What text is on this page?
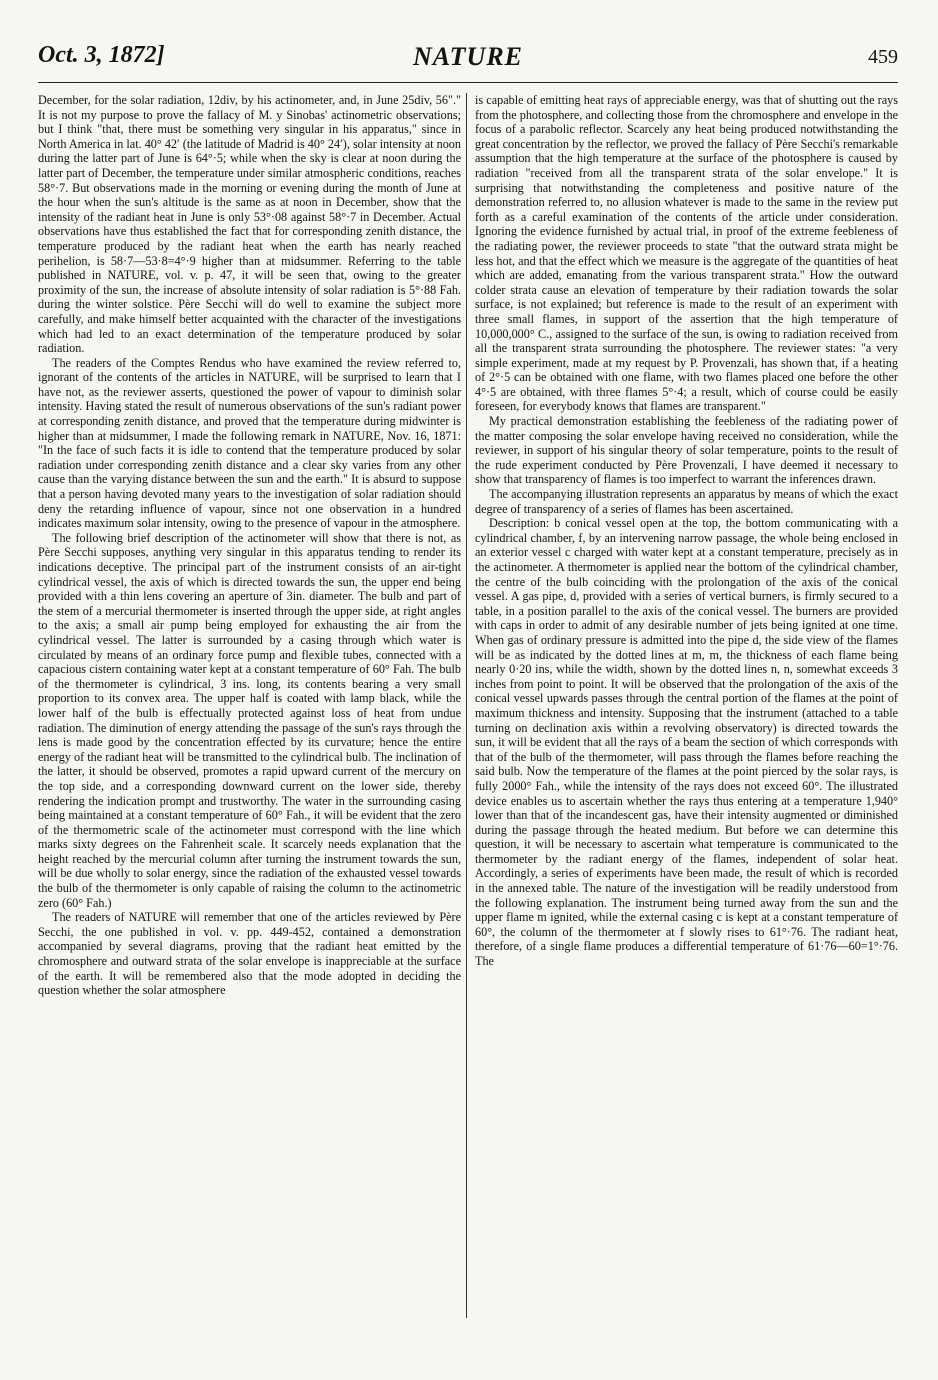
Oct. 3, 1872]	NATURE	459

December, for the solar radiation, 12div, by his actinometer, and, in June 25div, 56"." It is not my purpose to prove the fallacy of M. y Sinobas' actinometric observations; but I think "that, there must be something very singular in his apparatus," since in North America in lat. 40° 42′ (the latitude of Madrid is 40° 24′), solar intensity at noon during the latter part of June is 64°·5; while when the sky is clear at noon during the latter part of December, the temperature under similar atmospheric conditions, reaches 58°·7. But observations made in the morning or evening during the month of June at the hour when the sun's altitude is the same as at noon in December, show that the intensity of the radiant heat in June is only 53°·08 against 58°·7 in December. Actual observations have thus established the fact that for corresponding zenith distance, the temperature produced by the radiant heat when the earth has nearly reached perihelion, is 58·7—53·8=4°·9 higher than at midsummer. Referring to the table published in NATURE, vol. v. p. 47, it will be seen that, owing to the greater proximity of the sun, the increase of absolute intensity of solar radiation is 5°·88 Fah. during the winter solstice. Père Secchi will do well to examine the subject more carefully, and make himself better acquainted with the character of the investigations which had led to an exact determination of the temperature produced by solar radiation.

The readers of the Comptes Rendus who have examined the review referred to, ignorant of the contents of the articles in NATURE, will be surprised to learn that I have not, as the reviewer asserts, questioned the power of vapour to diminish solar intensity. Having stated the result of numerous observations of the sun's radiant power at corresponding zenith distance, and proved that the temperature during midwinter is higher than at midsummer, I made the following remark in NATURE, Nov. 16, 1871: "In the face of such facts it is idle to contend that the temperature produced by solar radiation under corresponding zenith distance and a clear sky varies from any other cause than the varying distance between the sun and the earth." It is absurd to suppose that a person having devoted many years to the investigation of solar radiation should deny the retarding influence of vapour, since not one observation in a hundred indicates maximum solar intensity, owing to the presence of vapour in the atmosphere.

The following brief description of the actinometer will show that there is not, as Père Secchi supposes, anything very singular in this apparatus tending to render its indications deceptive. The principal part of the instrument consists of an air-tight cylindrical vessel, the axis of which is directed towards the sun, the upper end being provided with a thin lens covering an aperture of 3in. diameter. The bulb and part of the stem of a mercurial thermometer is inserted through the upper side, at right angles to the axis; a small air pump being employed for exhausting the air from the cylindrical vessel. The latter is surrounded by a casing through which water is circulated by means of an ordinary force pump and flexible tubes, connected with a capacious cistern containing water kept at a constant temperature of 60° Fah. The bulb of the thermometer is cylindrical, 3 ins. long, its contents bearing a very small proportion to its convex area. The upper half is coated with lamp black, while the lower half of the bulb is effectually protected against loss of heat from undue radiation. The diminution of energy attending the passage of the sun's rays through the lens is made good by the concentration effected by its curvature; hence the entire energy of the radiant heat will be transmitted to the cylindrical bulb. The inclination of the latter, it should be observed, promotes a rapid upward current of the mercury on the top side, and a corresponding downward current on the lower side, thereby rendering the indication prompt and trustworthy. The water in the surrounding casing being maintained at a constant temperature of 60° Fah., it will be evident that the zero of the thermometric scale of the actinometer must correspond with the line which marks sixty degrees on the Fahrenheit scale. It scarcely needs explanation that the height reached by the mercurial column after turning the instrument towards the sun, will be due wholly to solar energy, since the radiation of the exhausted vessel towards the bulb of the thermometer is only capable of raising the column to the actinometric zero (60° Fah.)

The readers of NATURE will remember that one of the articles reviewed by Père Secchi, the one published in vol. v. pp. 449-452, contained a demonstration accompanied by several diagrams, proving that the radiant heat emitted by the chromosphere and outward strata of the solar envelope is inappreciable at the surface of the earth. It will be remembered also that the mode adopted in deciding the question whether the solar atmosphere

is capable of emitting heat rays of appreciable energy, was that of shutting out the rays from the photosphere, and collecting those from the chromosphere and envelope in the focus of a parabolic reflector. Scarcely any heat being produced notwithstanding the great concentration by the reflector, we proved the fallacy of Père Secchi's remarkable assumption that the high temperature at the surface of the photosphere is caused by radiation "received from all the transparent strata of the solar envelope." It is surprising that notwithstanding the completeness and positive nature of the demonstration referred to, no allusion whatever is made to the same in the review put forth as a careful examination of the contents of the article under consideration. Ignoring the evidence furnished by actual trial, in proof of the extreme feebleness of the radiating power, the reviewer proceeds to state "that the outward strata might be less hot, and that the effect which we measure is the aggregate of the quantities of heat which are added, emanating from the various transparent strata." How the outward colder strata cause an elevation of temperature by their radiation towards the solar surface, is not explained; but reference is made to the result of an experiment with three small flames, in support of the assertion that the high temperature of 10,000,000° C., assigned to the surface of the sun, is owing to radiation received from all the transparent strata surrounding the photosphere. The reviewer states: "a very simple experiment, made at my request by P. Provenzali, has shown that, if a heating of 2°·5 can be obtained with one flame, with two flames placed one before the other 4°·5 are obtained, with three flames 5°·4; a result, which of course could be easily foreseen, for everybody knows that flames are transparent."

My practical demonstration establishing the feebleness of the radiating power of the matter composing the solar envelope having received no consideration, while the reviewer, in support of his singular theory of solar temperature, points to the result of the rude experiment conducted by Père Provenzali, I have deemed it necessary to show that transparency of flames is too imperfect to warrant the inferences drawn.

The accompanying illustration represents an apparatus by means of which the exact degree of transparency of a series of flames has been ascertained.

Description: b conical vessel open at the top, the bottom communicating with a cylindrical chamber, f, by an intervening narrow passage, the whole being enclosed in an exterior vessel c charged with water kept at a constant temperature, precisely as in the actinometer. A thermometer is applied near the bottom of the cylindrical chamber, the centre of the bulb coinciding with the prolongation of the axis of the conical vessel. A gas pipe, d, provided with a series of vertical burners, is firmly secured to a table, in a position parallel to the axis of the conical vessel. The burners are provided with caps in order to admit of any desirable number of jets being ignited at one time. When gas of ordinary pressure is admitted into the pipe d, the side view of the flames will be as indicated by the dotted lines at m, m, the thickness of each flame being nearly 0·20 ins, while the width, shown by the dotted lines n, n, somewhat exceeds 3 inches from point to point. It will be observed that the prolongation of the axis of the conical vessel upwards passes through the central portion of the flames at the point of maximum thickness and intensity. Supposing that the instrument (attached to a table turning on declination axis within a revolving observatory) is directed towards the sun, it will be evident that all the rays of a beam the section of which corresponds with that of the bulb of the thermometer, will pass through the flames before reaching the said bulb. Now the temperature of the flames at the point pierced by the solar rays, is fully 2000° Fah., while the intensity of the rays does not exceed 60°. The illustrated device enables us to ascertain whether the rays thus entering at a temperature 1,940° lower than that of the incandescent gas, have their intensity augmented or diminished during the passage through the heated medium. But before we can determine this question, it will be necessary to ascertain what temperature is communicated to the thermometer by the radiant energy of the flames, independent of solar heat. Accordingly, a series of experiments have been made, the result of which is recorded in the annexed table. The nature of the investigation will be readily understood from the following explanation. The instrument being turned away from the sun and the upper flame m ignited, while the external casing c is kept at a constant temperature of 60°, the column of the thermometer at f slowly rises to 61°·76. The radiant heat, therefore, of a single flame produces a differential temperature of 61·76—60=1°·76. The
